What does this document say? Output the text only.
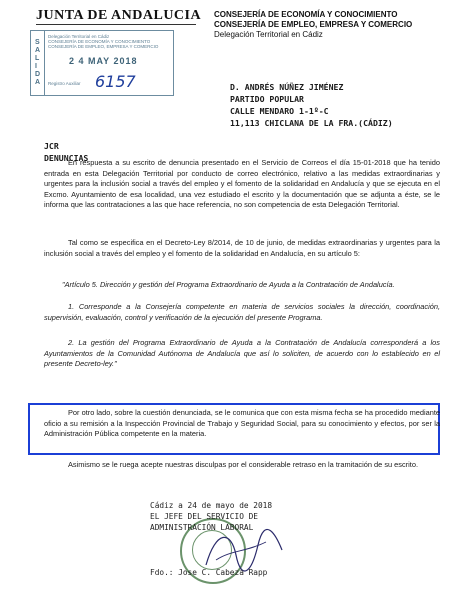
JUNTA DE ANDALUCIA CONSEJERÍA DE ECONOMÍA Y CONOCIMIENTO
CONSEJERÍA DE EMPLEO, EMPRESA Y COMERCIO
Delegación Territorial en Cádiz
S
A
L
I
D
A
Delegación Territorial en Cádiz
CONSEJERÍA DE ECONOMÍA Y CONOCIMIENTO
CONSEJERÍA DE EMPLEO, EMPRESA Y COMERCIO
2 4 MAY 2018
Registro Auxiliar 6157	D. ANDRÉS NÚÑEZ JIMÉNEZ
PARTIDO POPULAR
CALLE MENDARO 1-1º-C
11,113 CHICLANA DE LA FRA.(CÁDIZ)
JCR
DENUNCIAS

En respuesta a su escrito de denuncia presentado en el Servicio de Correos el día 15-01-2018 que ha tenido entrada en esta Delegación Territorial por conducto de correo electrónico, relativo a las medidas extraordinarias y urgentes para la inclusión social a través del empleo y el fomento de la solidaridad en Andalucía y que se ejecuta en el Excmo. Ayuntamiento de esa localidad, una vez estudiado el escrito y la documentación que se adjunta a éste, se le informa que las contrataciones a las que hace referencia, no son competencia de esta Delegación Territorial.

Tal como se especifica en el Decreto-Ley 8/2014, de 10 de junio, de medidas extraordinarias y urgentes para la inclusión social a través del empleo y el fomento de la solidaridad en Andalucía, en su artículo 5:

"Artículo 5. Dirección y gestión del Programa Extraordinario de Ayuda a la Contratación de Andalucía.

1. Corresponde a la Consejería competente en materia de servicios sociales la dirección, coordinación, supervisión, evaluación, control y verificación de la ejecución del presente Programa.

2. La gestión del Programa Extraordinario de Ayuda a la Contratación de Andalucía corresponderá a los Ayuntamientos de la Comunidad Autónoma de Andalucía que así lo soliciten, de acuerdo con lo establecido en el presente Decreto-ley."

Por otro lado, sobre la cuestión denunciada, se le comunica que con esta misma fecha se ha procedido mediante oficio a su remisión a la Inspección Provincial de Trabajo y Seguridad Social, para su conocimiento y efectos, por ser la Administración Pública competente en la materia.

Asimismo se le ruega acepte nuestras disculpas por el considerable retraso en la tramitación de su escrito.

Cádiz a 24 de mayo de 2018
EL JEFE DEL SERVICIO DE
ADMINISTRACIÓN LABORAL
Fdo.: Jose C. Cabeza Rapp
